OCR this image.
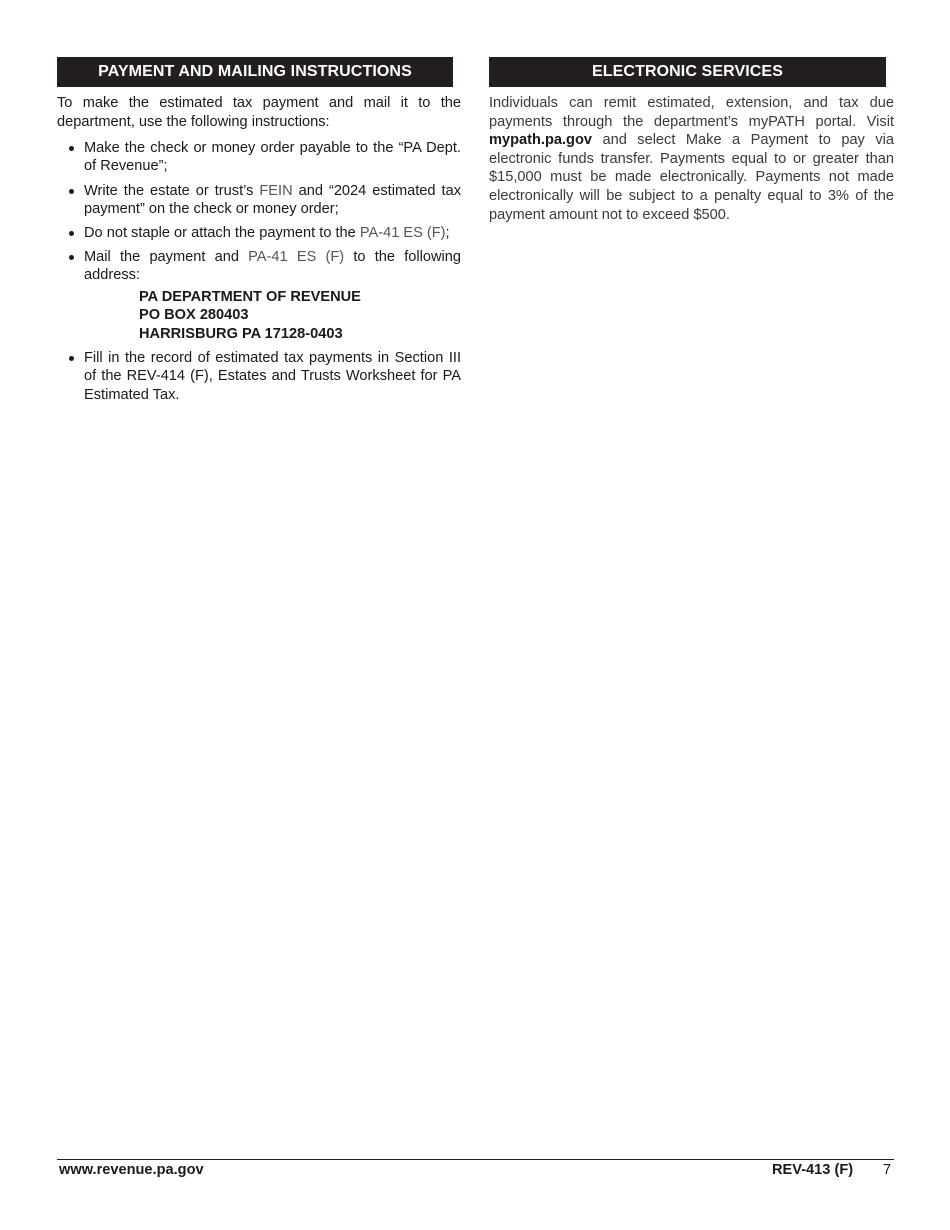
PAYMENT AND MAILING INSTRUCTIONS
To make the estimated tax payment and mail it to the department, use the following instructions:
Make the check or money order payable to the “PA Dept. of Revenue”;
Write the estate or trust’s FEIN and “2024 estimated tax payment” on the check or money order;
Do not staple or attach the payment to the PA-41 ES (F);
Mail the payment and PA-41 ES (F) to the following address:
PA DEPARTMENT OF REVENUE
PO BOX 280403
HARRISBURG PA 17128-0403
Fill in the record of estimated tax payments in Section III of the REV-414 (F), Estates and Trusts Worksheet for PA Estimated Tax.
ELECTRONIC SERVICES
Individuals can remit estimated, extension, and tax due payments through the department’s myPATH portal. Visit mypath.pa.gov and select Make a Payment to pay via electronic funds transfer. Payments equal to or greater than $15,000 must be made electronically. Payments not made electronically will be subject to a penalty equal to 3% of the payment amount not to exceed $500.
www.revenue.pa.gov	REV-413 (F) 7
